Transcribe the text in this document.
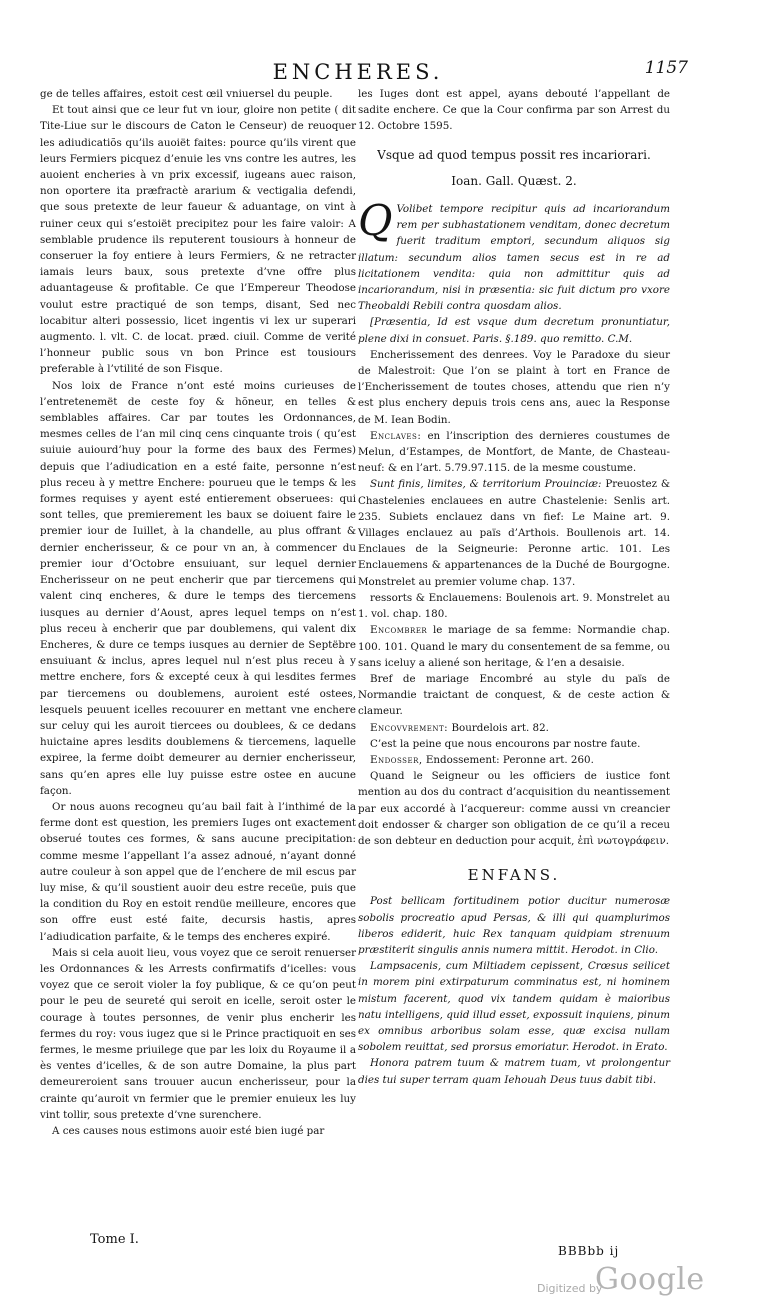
ENCHERES.	1157

ge de telles affaires, estoit cest œil vniuersel du peuple.

Et tout ainsi que ce leur fut vn iour, gloire non petite ( dit Tite-Liue sur le discours de Caton le Censeur) de reuoquer les adiudicatiõs qu’ils auoiët faites: pource qu’ils virent que leurs Fermiers picquez d’enuie les vns contre les autres, les auoient encheries à vn prix excessif, iugeans auec raison, non oportere ita præfractè ararium & vectigalia defendi, que sous pretexte de leur faueur & aduantage, on vint à ruiner ceux qui s’estoiët precipitez pour les faire valoir: A semblable prudence ils reputerent tousiours à honneur de conseruer la foy entiere à leurs Fermiers, & ne retracter iamais leurs baux, sous pretexte d’vne offre plus aduantageuse & profitable. Ce que l’Empereur Theodose voulut estre practiqué de son temps, disant, Sed nec locabitur alteri possessio, licet ingentis vi lex ur superari augmento. l. vlt. C. de locat. præd. ciuil. Comme de verité l’honneur public sous vn bon Prince est tousiours preferable à l’vtilité de son Fisque.

Nos loix de France n’ont esté moins curieuses de l’entretenemët de ceste foy & hõneur, en telles & semblables affaires. Car par toutes les Ordonnances, mesmes celles de l’an mil cinq cens cinquante trois ( qu’est suiuie auiourd’huy pour la forme des baux des Fermes) depuis que l’adiudication en a esté faite, personne n’est plus receu à y mettre Enchere: pourueu que le temps & les formes requises y ayent esté entierement obseruees: qui sont telles, que premierement les baux se doiuent faire le premier iour de Iuillet, à la chandelle, au plus offrant & dernier encherisseur, & ce pour vn an, à commencer du premier iour d’Octobre ensuiuant, sur lequel dernier Encherisseur on ne peut encherir que par tiercemens qui valent cinq encheres, & dure le temps des tiercemens iusques au dernier d’Aoust, apres lequel temps on n’est plus receu à encherir que par doublemens, qui valent dix Encheres, & dure ce temps iusques au dernier de Septëbre ensuiuant & inclus, apres lequel nul n’est plus receu à y mettre enchere, fors & excepté ceux à qui lesdites fermes par tiercemens ou doublemens, auroient esté ostees, lesquels peuuent icelles recouurer en mettant vne enchere sur celuy qui les auroit tiercees ou doublees, & ce dedans huictaine apres lesdits doublemens & tiercemens, laquelle expiree, la ferme doibt demeurer au dernier encherisseur, sans qu’en apres elle luy puisse estre ostee en aucune façon.

Or nous auons recogneu qu’au bail fait à l’inthimé de la ferme dont est question, les premiers Iuges ont exactement obserué toutes ces formes, & sans aucune precipitation: comme mesme l’appellant l’a assez adnoué, n’ayant donné autre couleur à son appel que de l’enchere de mil escus par luy mise, & qu’il soustient auoir deu estre receüe, puis que la condition du Roy en estoit rendüe meilleure, encores que son offre eust esté faite, decursis hastis, apres l’adiudication parfaite, & le temps des encheres expiré.

Mais si cela auoit lieu, vous voyez que ce seroit renuerser les Ordonnances & les Arrests confirmatifs d’icelles: vous voyez que ce seroit violer la foy publique, & ce qu’on peut pour le peu de seureté qui seroit en icelle, seroit oster le courage à toutes personnes, de venir plus encherir les fermes du roy: vous iugez que si le Prince practiquoit en ses fermes, le mesme priuilege que par les loix du Royaume il a ès ventes d’icelles, & de son autre Domaine, la plus part demeureroient sans trouuer aucun encherisseur, pour la crainte qu’auroit vn fermier que le premier enuieux les luy vint tollir, sous pretexte d’vne surenchere.

A ces causes nous estimons auoir esté bien iugé par

les Iuges dont est appel, ayans debouté l’appellant de sadite enchere. Ce que la Cour confirma par son Arrest du 12. Octobre 1595.

Vsque ad quod tempus possit res incariorari.
Ioan. Gall. Quæst. 2.

Q Volibet tempore recipitur quis ad incariorandum rem per subhastationem venditam, donec decretum fuerit traditum emptori, secundum aliquos sig illatum: secundum alios tamen secus est in re ad licitationem vendita: quia non admittitur quis ad incariorandum, nisi in præsentia: sic fuit dictum pro vxore Theobaldi Rebili contra quosdam alios.

[Præsentia, Id est vsque dum decretum pronuntiatur, plene dixi in consuet. Paris. §.189. quo remitto. C.M.

Encherissement des denrees. Voy le Paradoxe du sieur de Malestroit: Que l’on se plaint à tort en France de l’Encherissement de toutes choses, attendu que rien n’y est plus enchery depuis trois cens ans, auec la Response de M. Iean Bodin.

Enclaves: en l’inscription des dernieres coustumes de Melun, d’Estampes, de Montfort, de Mante, de Chasteau-neuf: & en l’art. 5.79.97.115. de la mesme coustume.

Sunt finis, limites, & territorium Prouinciæ: Preuostez & Chastelenies enclauees en autre Chastelenie: Senlis art. 235. Subiets enclauez dans vn fief: Le Maine art. 9. Villages enclauez au païs d’Arthois. Boullenois art. 14. Enclaues de la Seigneurie: Peronne artic. 101. Les Enclauemens & appartenances de la Duché de Bourgogne. Monstrelet au premier volume chap. 137.

ressorts & Enclauemens: Boulenois art. 9. Monstrelet au 1. vol. chap. 180.

Encombrer le mariage de sa femme: Normandie chap. 100. 101. Quand le mary du consentement de sa femme, ou sans iceluy a aliené son heritage, & l’en a desaisie.

Bref de mariage Encombré au style du païs de Normandie traictant de conquest, & de ceste action & clameur.

Encovvrement: Bourdelois art. 82.

C’est la peine que nous encourons par nostre faute.

Endosser, Endossement: Peronne art. 260.

Quand le Seigneur ou les officiers de iustice font mention au dos du contract d’acquisition du neantissement par eux accordé à l’acquereur: comme aussi vn creancier doit endosser & charger son obligation de ce qu’il a receu de son debteur en deduction pour acquit, ἐπὶ νωτογράφειν.

ENFANS.

Post bellicam fortitudinem potior ducitur numerosæ sobolis procreatio apud Persas, & illi qui quamplurimos liberos ediderit, huic Rex tanquam quidpiam strenuum præstiterit singulis annis numera mittit. Herodot. in Clio.

Lampsacenis, cum Miltiadem cepissent, Crœsus seilicet in morem pini extirpaturum comminatus est, ni hominem mistum facerent, quod vix tandem quidam è maioribus natu intelligens, quid illud esset, expossuit inquiens, pinum ex omnibus arboribus solam esse, quæ excisa nullam sobolem reuittat, sed prorsus emoriatur. Herodot. in Erato.

Honora patrem tuum & matrem tuam, vt prolongentur dies tui super terram quam Iehouah Deus tuus dabit tibi.

Tome I.
BBBbb ij
Digitized by
Google
